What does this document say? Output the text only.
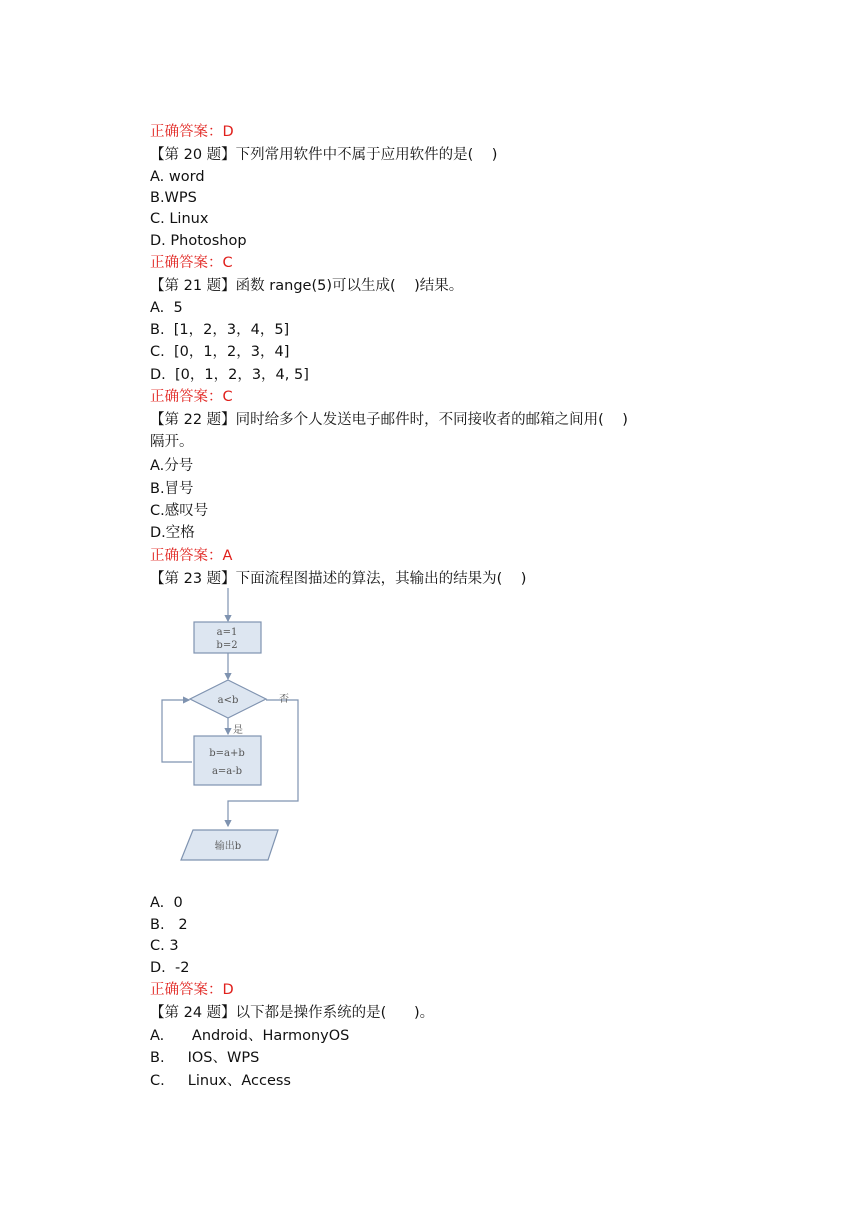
正确答案：D

【第 20 题】下列常用软件中不属于应用软件的是(    )

A. word

B.WPS

C. Linux

D. Photoshop

正确答案：C

【第 21 题】函数 range(5)可以生成(    )结果。

A.  5

B.  [1，2，3，4，5]

C.  [0，1，2，3，4]

D.  [0，1，2，3，4, 5]

正确答案：C

【第 22 题】同时给多个人发送电子邮件时，不同接收者的邮箱之间用(    )

隔开。

A.分号

B.冒号

C.感叹号

D.空格

正确答案：A

【第 23 题】下面流程图描述的算法，其输出的结果为(    )

a=1
b=2
a<b
是
否
b=a+b
a=a-b
输出b

A.  0

B.   2

C. 3

D.  -2

正确答案：D

【第 24 题】以下都是操作系统的是(      )。

A.      Android、HarmonyOS

B.     IOS、WPS

C.     Linux、Access
